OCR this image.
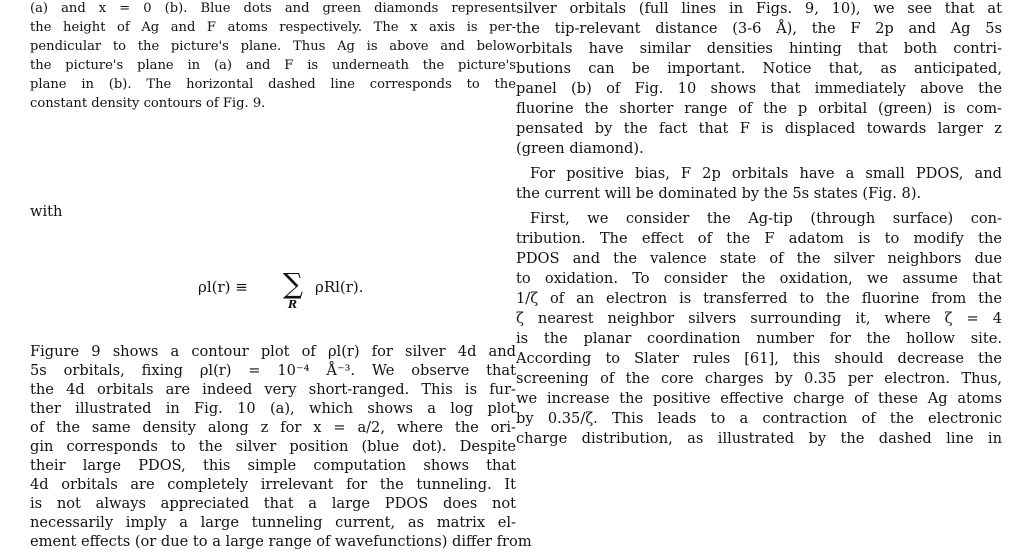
(a) and x = 0 (b). Blue dots and green diamonds represent
the height of Ag and F atoms respectively. The x axis is per-
pendicular to the picture's plane. Thus Ag is above and below
the picture's plane in (a) and F is underneath the picture's
plane in (b). The horizontal dashed line corresponds to the
constant density contours of Fig. 9.
with
ρl(r) ≡ ∑
R
ρRl(r).
Figure 9 shows a contour plot of ρl(r) for silver 4d and
5s orbitals, fixing ρl(r) = 10⁻⁴ Å⁻³. We observe that
the 4d orbitals are indeed very short-ranged. This is fur-
ther illustrated in Fig. 10 (a), which shows a log plot
of the same density along z for x = a/2, where the ori-
gin corresponds to the silver position (blue dot). Despite
their large PDOS, this simple computation shows that
4d orbitals are completely irrelevant for the tunneling. It
is not always appreciated that a large PDOS does not
necessarily imply a large tunneling current, as matrix el-
ement effects (or due to a large range of wavefunctions) differ from
silver orbitals (full lines in Figs. 9, 10), we see that at
the tip-relevant distance (3-6 Å), the F 2p and Ag 5s
orbitals have similar densities hinting that both contri-
butions can be important. Notice that, as anticipated,
panel (b) of Fig. 10 shows that immediately above the
fluorine the shorter range of the p orbital (green) is com-
pensated by the fact that F is displaced towards larger z
(green diamond).
For positive bias, F 2p orbitals have a small PDOS, and
the current will be dominated by the 5s states (Fig. 8).
First, we consider the Ag-tip (through surface) con-
tribution. The effect of the F adatom is to modify the
PDOS and the valence state of the silver neighbors due
to oxidation. To consider the oxidation, we assume that
1/ζ of an electron is transferred to the fluorine from the
ζ nearest neighbor silvers surrounding it, where ζ = 4
is the planar coordination number for the hollow site.
According to Slater rules [61], this should decrease the
screening of the core charges by 0.35 per electron. Thus,
we increase the positive effective charge of these Ag atoms
by 0.35/ζ. This leads to a contraction of the electronic
charge distribution, as illustrated by the dashed line in
